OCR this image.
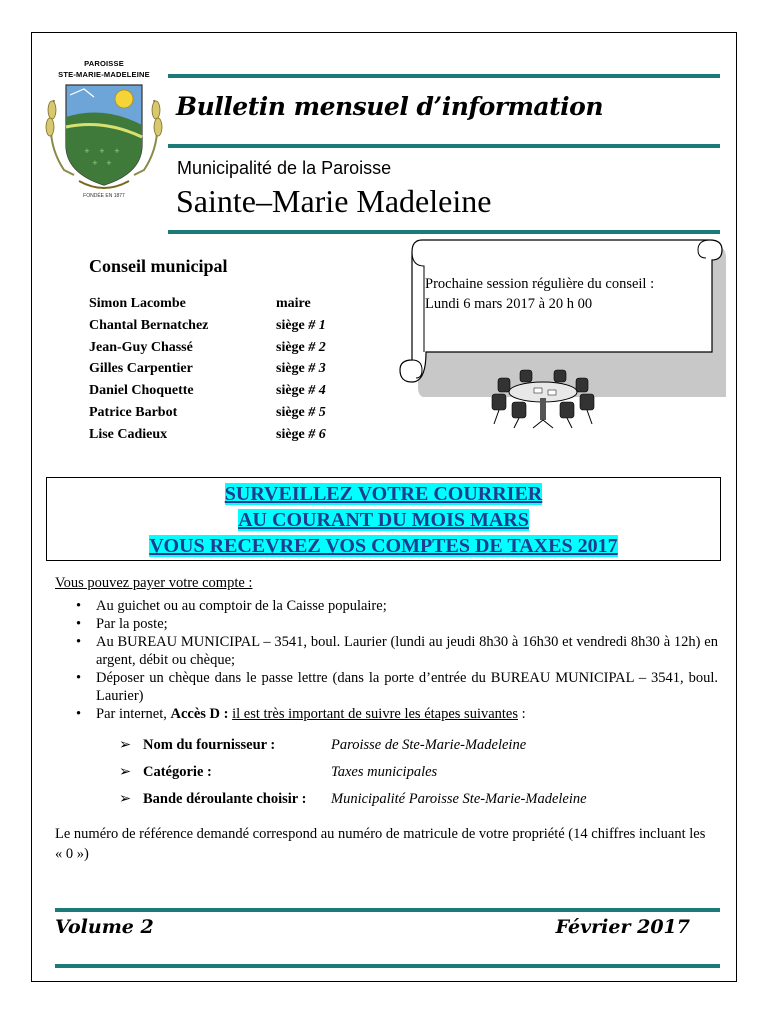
PAROISSE
STE-MARIE-MADELEINE
+ + +
+ +
FONDÉE EN 1877
Bulletin mensuel d’information
Municipalité de la Paroisse
Sainte–Marie Madeleine
Conseil municipal
Simon Lacombe	maire
Chantal Bernatchez	siège # 1
Jean-Guy Chassé	siège # 2
Gilles Carpentier	siège # 3
Daniel Choquette	siège # 4
Patrice Barbot	siège # 5
Lise Cadieux	siège # 6
Prochaine session régulière du conseil :
Lundi 6 mars 2017 à 20 h 00
SURVEILLEZ VOTRE COURRIER
AU COURANT DU MOIS MARS
VOUS RECEVREZ VOS COMPTES DE TAXES 2017
Vous pouvez payer votre compte :
• Au guichet ou au comptoir de la Caisse populaire;
• Par la poste;
• Au BUREAU MUNICIPAL – 3541, boul. Laurier (lundi au jeudi 8h30 à 16h30 et vendredi 8h30 à 12h) en argent, débit ou chèque;
• Déposer un chèque dans le passe lettre (dans la porte d’entrée du BUREAU MUNICIPAL – 3541, boul. Laurier)
• Par internet, Accès D : il est très important de suivre les étapes suivantes :
➢ Nom du fournisseur :	Paroisse de Ste-Marie-Madeleine
➢ Catégorie :	Taxes municipales
➢ Bande déroulante choisir :	Municipalité Paroisse Ste-Marie-Madeleine
Le numéro de référence demandé correspond au numéro de matricule de votre propriété (14 chiffres incluant les « 0 »)
Volume 2	Février 2017
